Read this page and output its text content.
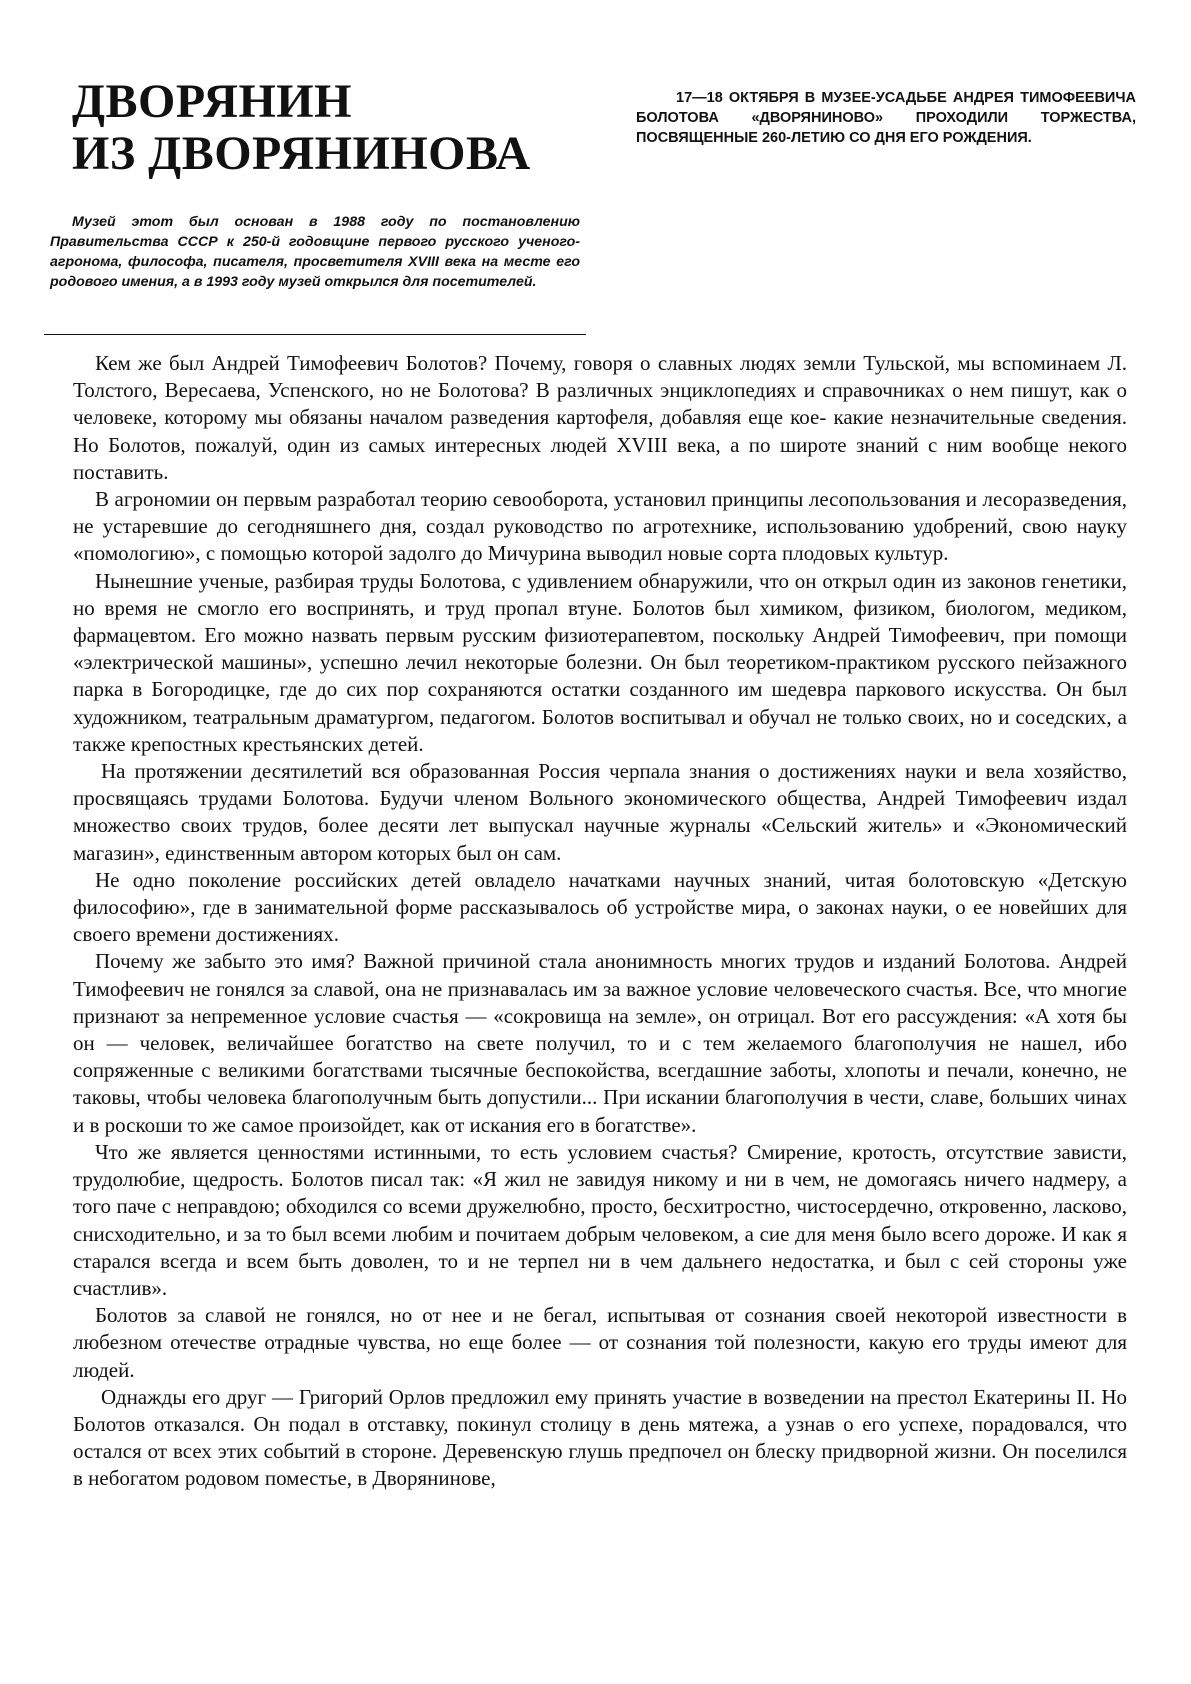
ДВОРЯНИН
ИЗ ДВОРЯНИНОВА

17—18 ОКТЯБРЯ В МУЗЕЕ-УСАДЬБЕ АНДРЕЯ ТИМОФЕЕВИЧА БОЛОТОВА «ДВОРЯНИНОВО» ПРОХОДИЛИ ТОРЖЕСТВА, ПОСВЯЩЕННЫЕ 260-ЛЕТИЮ СО ДНЯ ЕГО РОЖДЕНИЯ.

Музей этот был основан в 1988 году по постановлению Правительства СССР к 250-й годовщине первого русского ученого-агронома, философа, писателя, просветителя XVIII века на месте его родового имения, а в 1993 году музей открылся для посетителей.

Кем же был Андрей Тимофеевич Болотов? Почему, говоря о славных людях земли Тульской, мы вспоминаем Л. Толстого, Вересаева, Успенского, но не Болотова? В различных энциклопедиях и справочниках о нем пишут, как о человеке, которому мы обязаны началом разведения картофеля, добавляя еще кое- какие незначительные сведения. Но Болотов, пожалуй, один из самых интересных людей XVIII века, а по широте знаний с ним вообще некого поставить.

В агрономии он первым разработал теорию севооборота, установил принципы лесопользования и лесоразведения, не устаревшие до сегодняшнего дня, создал руководство по агротехнике, использованию удобрений, свою науку «помологию», с помощью которой задолго до Мичурина выводил новые сорта плодовых культур.

Нынешние ученые, разбирая труды Болотова, с удивлением обнаружили, что он открыл один из законов генетики, но время не смогло его воспринять, и труд пропал втуне. Болотов был химиком, физиком, биологом, медиком, фармацевтом. Его можно назвать первым русским физиотерапевтом, поскольку Андрей Тимофеевич, при помощи «электрической машины», успешно лечил некоторые болезни. Он был теоретиком-практиком русского пейзажного парка в Богородицке, где до сих пор сохраняются остатки созданного им шедевра паркового искусства. Он был художником, театральным драматургом, педагогом. Болотов воспитывал и обучал не только своих, но и соседских, а также крепостных крестьянских детей.

На протяжении десятилетий вся образованная Россия черпала знания о достижениях науки и вела хозяйство, просвящаясь трудами Болотова. Будучи членом Вольного экономического общества, Андрей Тимофеевич издал множество своих трудов, более десяти лет выпускал научные журналы «Сельский житель» и «Экономический магазин», единственным автором которых был он сам.

Не одно поколение российских детей овладело начатками научных знаний, читая болотовскую «Детскую философию», где в занимательной форме рассказывалось об устройстве мира, о законах науки, о ее новейших для своего времени достижениях.

Почему же забыто это имя? Важной причиной стала анонимность многих трудов и изданий Болотова. Андрей Тимофеевич не гонялся за славой, она не признавалась им за важное условие человеческого счастья. Все, что многие признают за непременное условие счастья — «сокровища на земле», он отрицал. Вот его рассуждения: «А хотя бы он — человек, величайшее богатство на свете получил, то и с тем желаемого благополучия не нашел, ибо сопряженные с великими богатствами тысячные беспокойства, всегдашние заботы, хлопоты и печали, конечно, не таковы, чтобы человека благополучным быть допустили... При искании благополучия в чести, славе, больших чинах и в роскоши то же самое произойдет, как от искания его в богатстве».

Что же является ценностями истинными, то есть условием счастья? Смирение, кротость, отсутствие зависти, трудолюбие, щедрость. Болотов писал так: «Я жил не завидуя никому и ни в чем, не домогаясь ничего надмеру, а того паче с неправдою; обходился со всеми дружелюбно, просто, бесхитростно, чистосердечно, откровенно, ласково, снисходительно, и за то был всеми любим и почитаем добрым человеком, а сие для меня было всего дороже. И как я старался всегда и всем быть доволен, то и не терпел ни в чем дальнего недостатка, и был с сей стороны уже счастлив».

Болотов за славой не гонялся, но от нее и не бегал, испытывая от сознания своей некоторой известности в любезном отечестве отрадные чувства, но еще более — от сознания той полезности, какую его труды имеют для людей.

Однажды его друг — Григорий Орлов предложил ему принять участие в возведении на престол Екатерины II. Но Болотов отказался. Он подал в отставку, покинул столицу в день мятежа, а узнав о его успехе, порадовался, что остался от всех этих событий в стороне. Деревенскую глушь предпочел он блеску придворной жизни. Он поселился в небогатом родовом поместье, в Дворянинове,
